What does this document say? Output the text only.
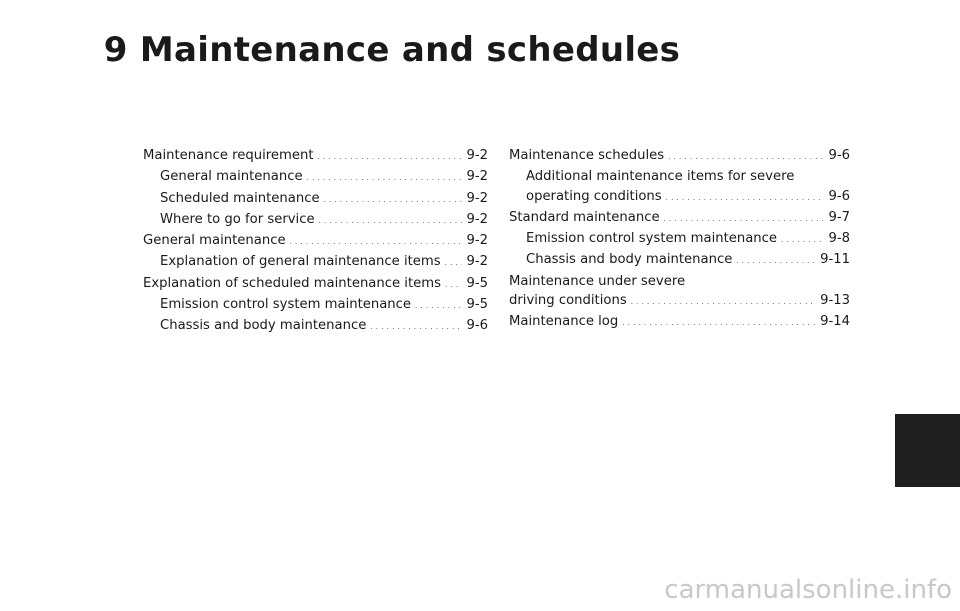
9 Maintenance and schedules
Maintenance requirement . . .	9-2
General maintenance . . .	9-2
Scheduled maintenance . . .	9-2
Where to go for service . . .	9-2
General maintenance . . .	9-2
Explanation of general maintenance items . . . 9-2
Explanation of scheduled maintenance items . . . 9-5
Emission control system maintenance . . .	9-5
Chassis and body maintenance . . .	9-6
Maintenance schedules . . .	9-6
Additional maintenance items for severe
operating conditions . . .	9-6
Standard maintenance . . .	9-7
Emission control system maintenance . . .	9-8
Chassis and body maintenance . . .	9-11
Maintenance under severe
driving conditions . . .	9-13
Maintenance log . . .	9-14
carmanualsonline.info
